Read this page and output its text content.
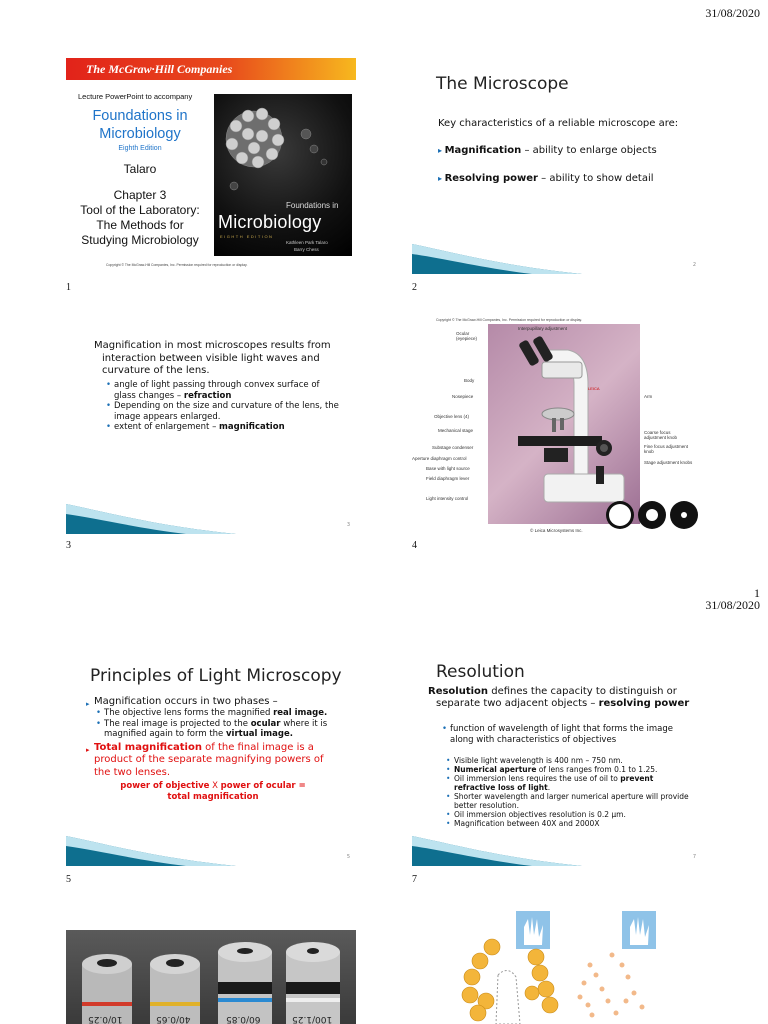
31/08/2020
1
31/08/2020
The McGraw·Hill Companies
Lecture PowerPoint to accompany
Foundations in
Microbiology
Eighth Edition
Talaro
Chapter 3
Tool of the Laboratory:
The Methods for
Studying Microbiology
Foundations in
Microbiology
EIGHTH EDITION
Kathleen Park Talaro
Barry Chess
Copyright © The McGraw-Hill Companies, Inc. Permission required for reproduction or display.
1
The Microscope
Key characteristics of a reliable microscope are:
▸ Magnification – ability to enlarge objects
▸ Resolving power – ability to show detail
2
2
Magnification in most microscopes results from interaction between visible light waves and curvature of the lens.
• angle of light passing through convex surface of glass changes – refraction
• Depending on the size and curvature of the lens, the image appears enlarged.
• extent of enlargement – magnification
3
3
Copyright © The McGraw-Hill Companies, Inc. Permission required for reproduction or display.
LEICA
Interpupillary adjustment
Ocular (eyepiece)
Body
Nosepiece
Objective lens (4)
Mechanical stage
Substage condenser
Aperture diaphragm control
Base with light source
Field diaphragm lever
Light intensity control
Arm
Coarse focus adjustment knob
Fine focus adjustment knob
Stage adjustment knobs
© Leica Microsystems Inc.
4
Principles of Light Microscopy
▸ Magnification occurs in two phases –
• The objective lens forms the magnified real image.
• The real image is projected to the ocular where it is magnified again to form the virtual image.
▸ Total magnification of the final image is a product of the separate magnifying powers of the two lenses.
power of objective X power of ocular = total magnification
5
5
Resolution
Resolution defines the capacity to distinguish or separate two adjacent objects – resolving power
• function of wavelength of light that forms the image along with characteristics of objectives
• Visible light wavelength is 400 nm – 750 nm.
• Numerical aperture of lens ranges from 0.1 to 1.25.
• Oil immersion lens requires the use of oil to prevent refractive loss of light.
• Shorter wavelength and larger numerical aperture will provide better resolution.
• Oil immersion objectives resolution is 0.2 µm.
• Magnification between 40X and 2000X
7
7
10/0.25	40/0.65	60/0.85	100/1.25
